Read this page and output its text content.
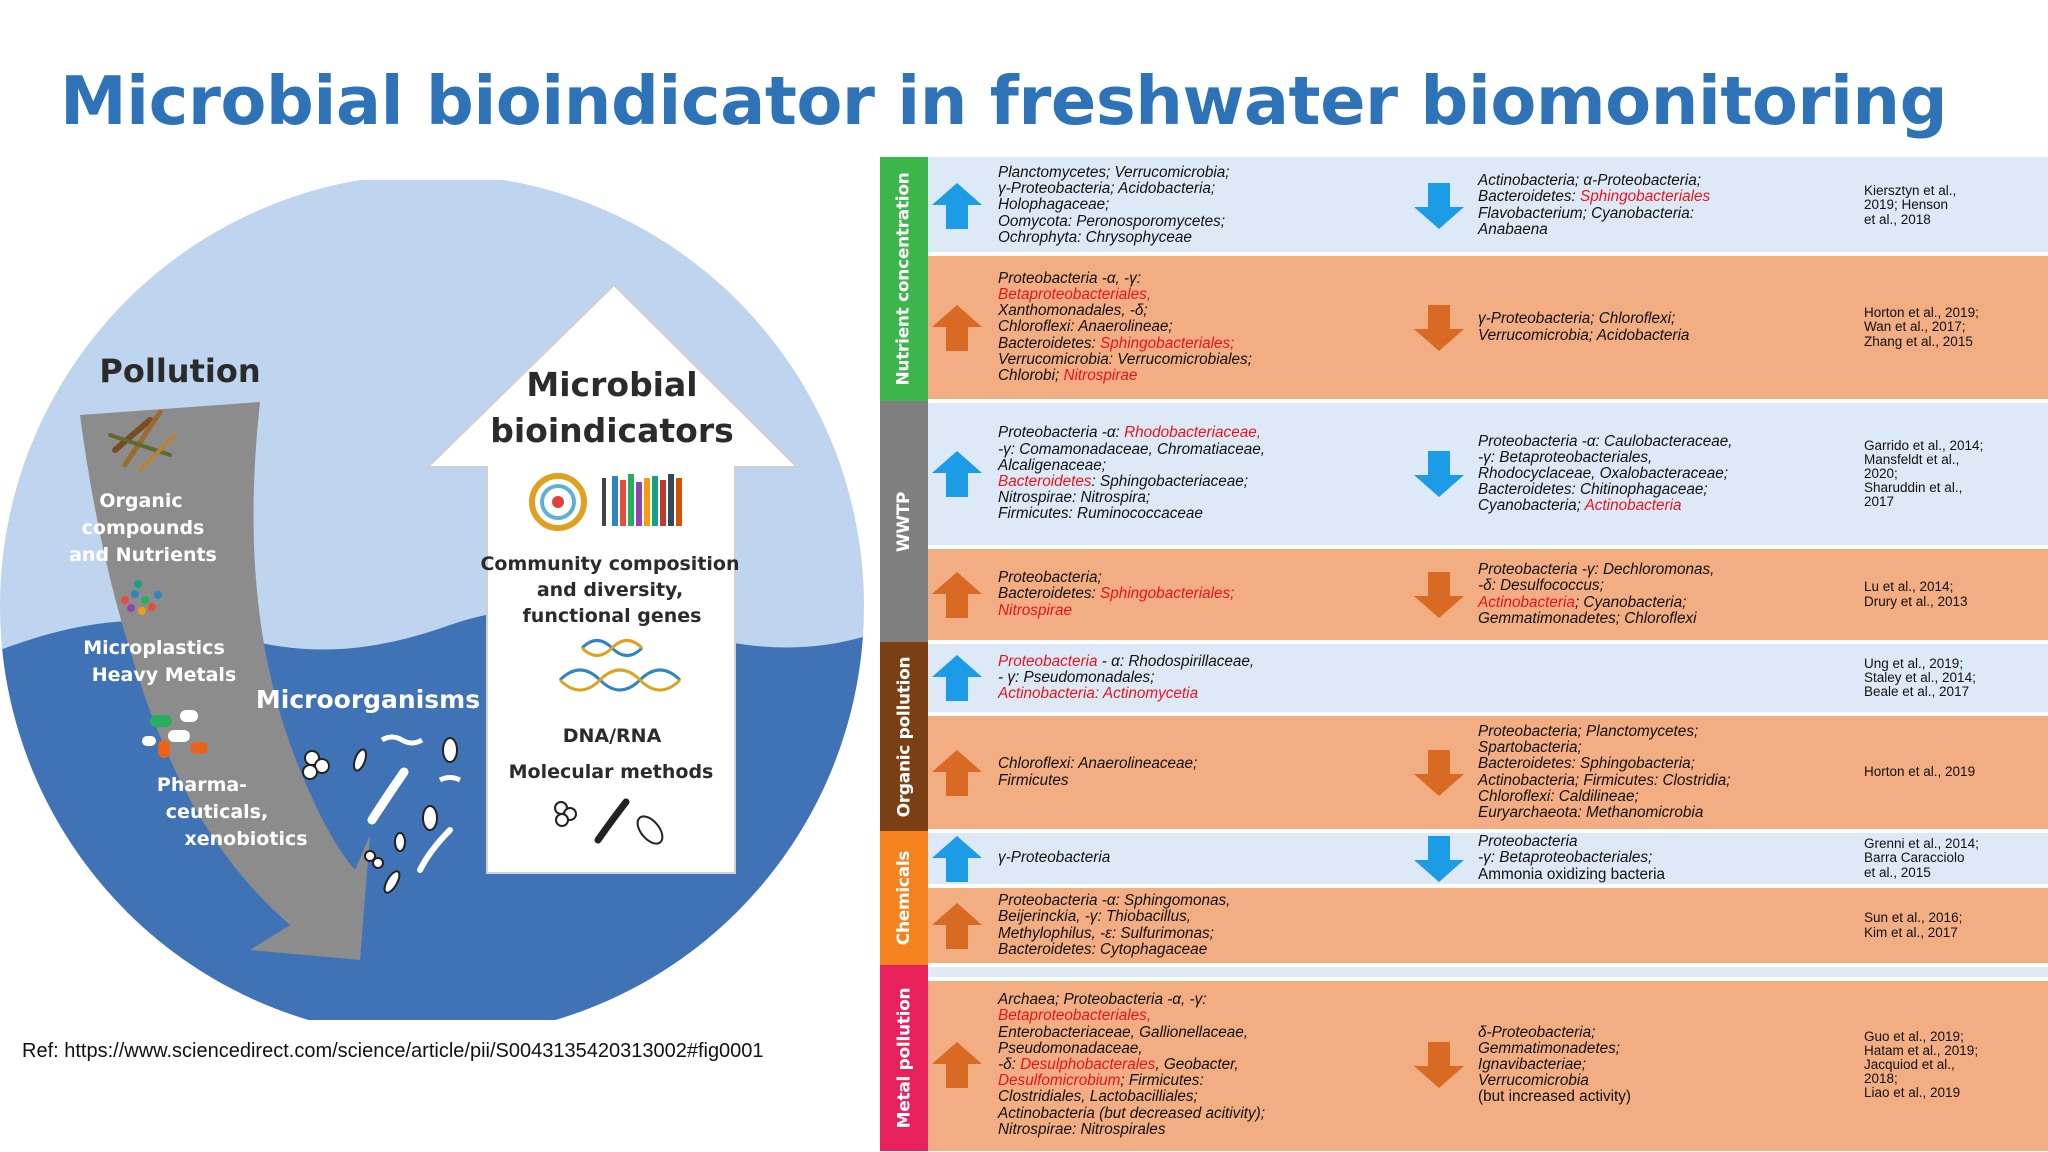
Microbial bioindicator in freshwater biomonitoring
Pollution
Organic
compounds
and Nutrients
Microplastics
Heavy Metals
Pharma-
ceuticals,
xenobiotics
Microorganisms
Microbial
bioindicators
Community composition
and diversity,
functional genes
DNA/RNA
Molecular methods
Ref: https://www.sciencedirect.com/science/article/pii/S0043135420313002#fig0001
Nutrient concentration
WWTP
Organic pollution
Chemicals
Metal pollution
Planctomycetes; Verrucomicrobia;
γ-Proteobacteria; Acidobacteria;
Holophagaceae;
Oomycota: Peronosporomycetes;
Ochrophyta: Chrysophyceae
Actinobacteria; α-Proteobacteria;
Bacteroidetes: Sphingobacteriales
Flavobacterium; Cyanobacteria:
Anabaena
Kiersztyn et al.,
2019; Henson
et al., 2018
Proteobacteria -α, -γ:
Betaproteobacteriales,
Xanthomonadales, -δ;
Chloroflexi: Anaerolineae;
Bacteroidetes: Sphingobacteriales;
Verrucomicrobia: Verrucomicrobiales;
Chlorobi; Nitrospirae
γ-Proteobacteria; Chloroflexi;
Verrucomicrobia; Acidobacteria
Horton et al., 2019;
Wan et al., 2017;
Zhang et al., 2015
Proteobacteria -α: Rhodobacteriaceae,
-γ: Comamonadaceae, Chromatiaceae,
Alcaligenaceae;
Bacteroidetes: Sphingobacteriaceae;
Nitrospirae: Nitrospira;
Firmicutes: Ruminococcaceae
Proteobacteria -α: Caulobacteraceae,
-γ: Betaproteobacteriales,
Rhodocyclaceae, Oxalobacteraceae;
Bacteroidetes: Chitinophagaceae;
Cyanobacteria; Actinobacteria
Garrido et al., 2014;
Mansfeldt et al.,
2020;
Sharuddin et al.,
2017
Proteobacteria;
Bacteroidetes: Sphingobacteriales;
Nitrospirae
Proteobacteria -γ: Dechloromonas,
-δ: Desulfococcus;
Actinobacteria; Cyanobacteria;
Gemmatimonadetes; Chloroflexi
Lu et al., 2014;
Drury et al., 2013
Proteobacteria - α: Rhodospirillaceae,
- γ: Pseudomonadales;
Actinobacteria: Actinomycetia
Ung et al., 2019;
Staley et al., 2014;
Beale et al., 2017
Chloroflexi: Anaerolineaceae;
Firmicutes
Proteobacteria; Planctomycetes;
Spartobacteria;
Bacteroidetes: Sphingobacteria;
Actinobacteria; Firmicutes: Clostridia;
Chloroflexi: Caldilineae;
Euryarchaeota: Methanomicrobia
Horton et al., 2019
γ-Proteobacteria
Proteobacteria
-γ: Betaproteobacteriales;
Ammonia oxidizing bacteria
Grenni et al., 2014;
Barra Caracciolo
et al., 2015
Proteobacteria -α: Sphingomonas,
Beijerinckia, -γ: Thiobacillus,
Methylophilus, -ε: Sulfurimonas;
Bacteroidetes: Cytophagaceae
Sun et al., 2016;
Kim et al., 2017
Archaea; Proteobacteria -α, -γ:
Betaproteobacteriales,
Enterobacteriaceae, Gallionellaceae,
Pseudomonadaceae,
-δ: Desulphobacterales, Geobacter,
Desulfomicrobium; Firmicutes:
Clostridiales, Lactobacilliales;
Actinobacteria (but decreased acitivity);
Nitrospirae: Nitrospirales
δ-Proteobacteria;
Gemmatimonadetes;
Ignavibacteriae;
Verrucomicrobia
(but increased activity)
Guo et al., 2019;
Hatam et al., 2019;
Jacquiod et al.,
2018;
Liao et al., 2019
